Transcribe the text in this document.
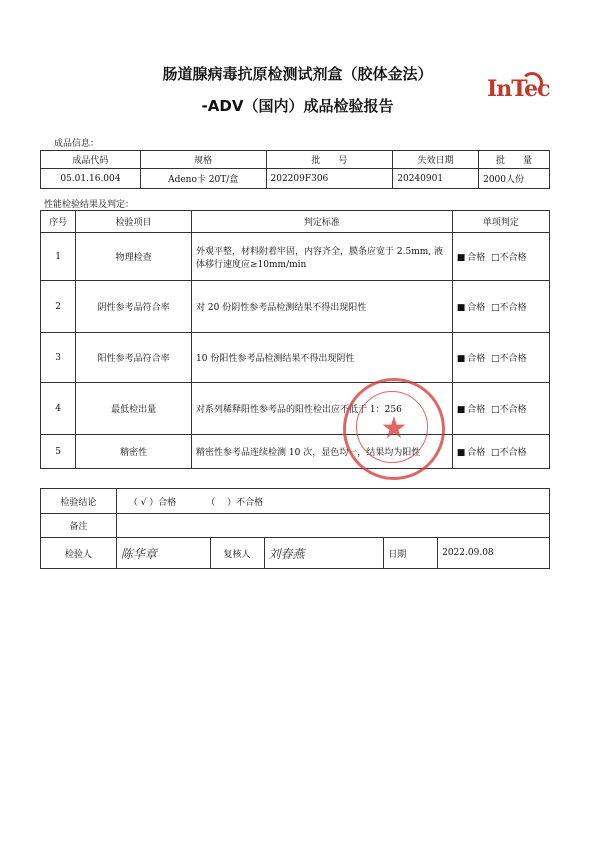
肠道腺病毒抗原检测试剂盒（胶体金法）
-ADV（国内）成品检验报告
InTec
成品信息：
成品代码	规格	批　　号	失效日期	批　　量
05.01.16.004	Adeno卡 20T/盒	202209F306	20240901	2000人份
性能检验结果及判定：
序号	检验项目	判定标准	单项判定
1	物理检查	外观平整，材料附着牢固，内容齐全，膜条应宽于 2.5mm, 液体移行速度应≥10mm/min	■ 合格 □不合格
2	阴性参考品符合率	对 20 份阴性参考品检测结果不得出现阳性	■ 合格 □不合格
3	阳性参考品符合率	10 份阳性参考品检测结果不得出现阴性	■ 合格 □不合格
4	最低检出量	对系列稀释阳性参考品的阳性检出应不低于 1：256	■ 合格 □不合格
5	精密性	精密性参考品连续检测 10 次，显色均一，结果均为阳性	■ 合格 □不合格
★
检验结论	（ √ ）合格 （　 ）不合格				
备注					
检验人	陈华章	复核人	刘春燕	日期	2022.09.08
